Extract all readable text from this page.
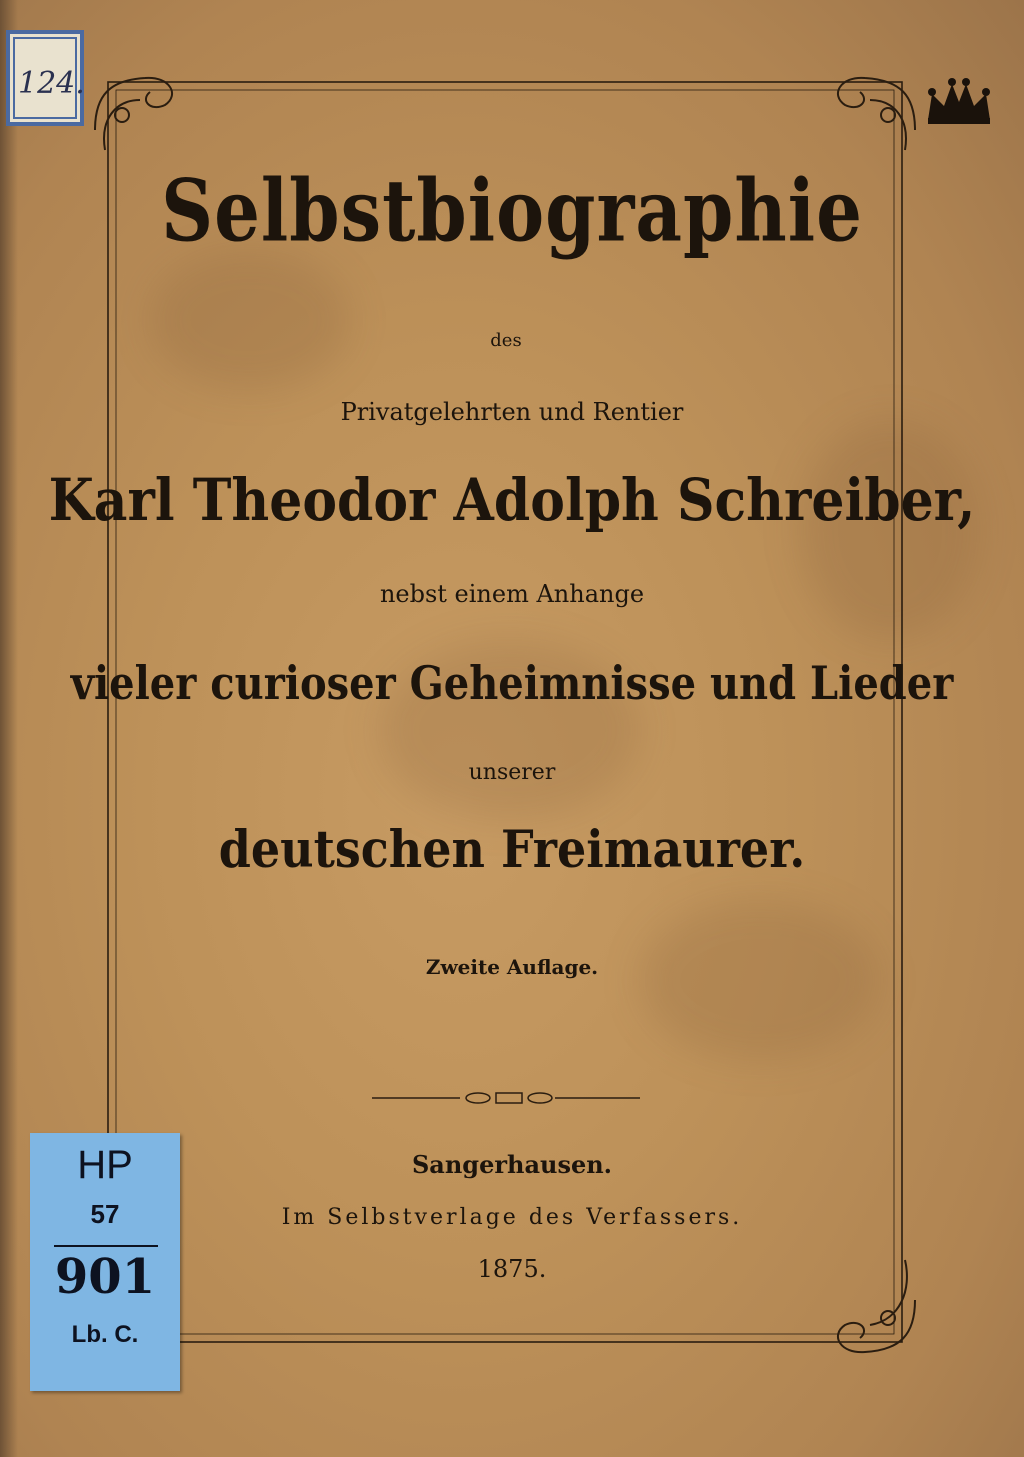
124.
Selbstbiographie
des
Privatgelehrten und Rentier
Karl Theodor Adolph Schreiber,
nebst einem Anhange
vieler curioser Geheimnisse und Lieder
unserer
deutschen Freimaurer.
Zweite Auflage.
Sangerhausen.
Im Selbstverlage des Verfassers.
1875.
HP
57
901
Lb. C.
